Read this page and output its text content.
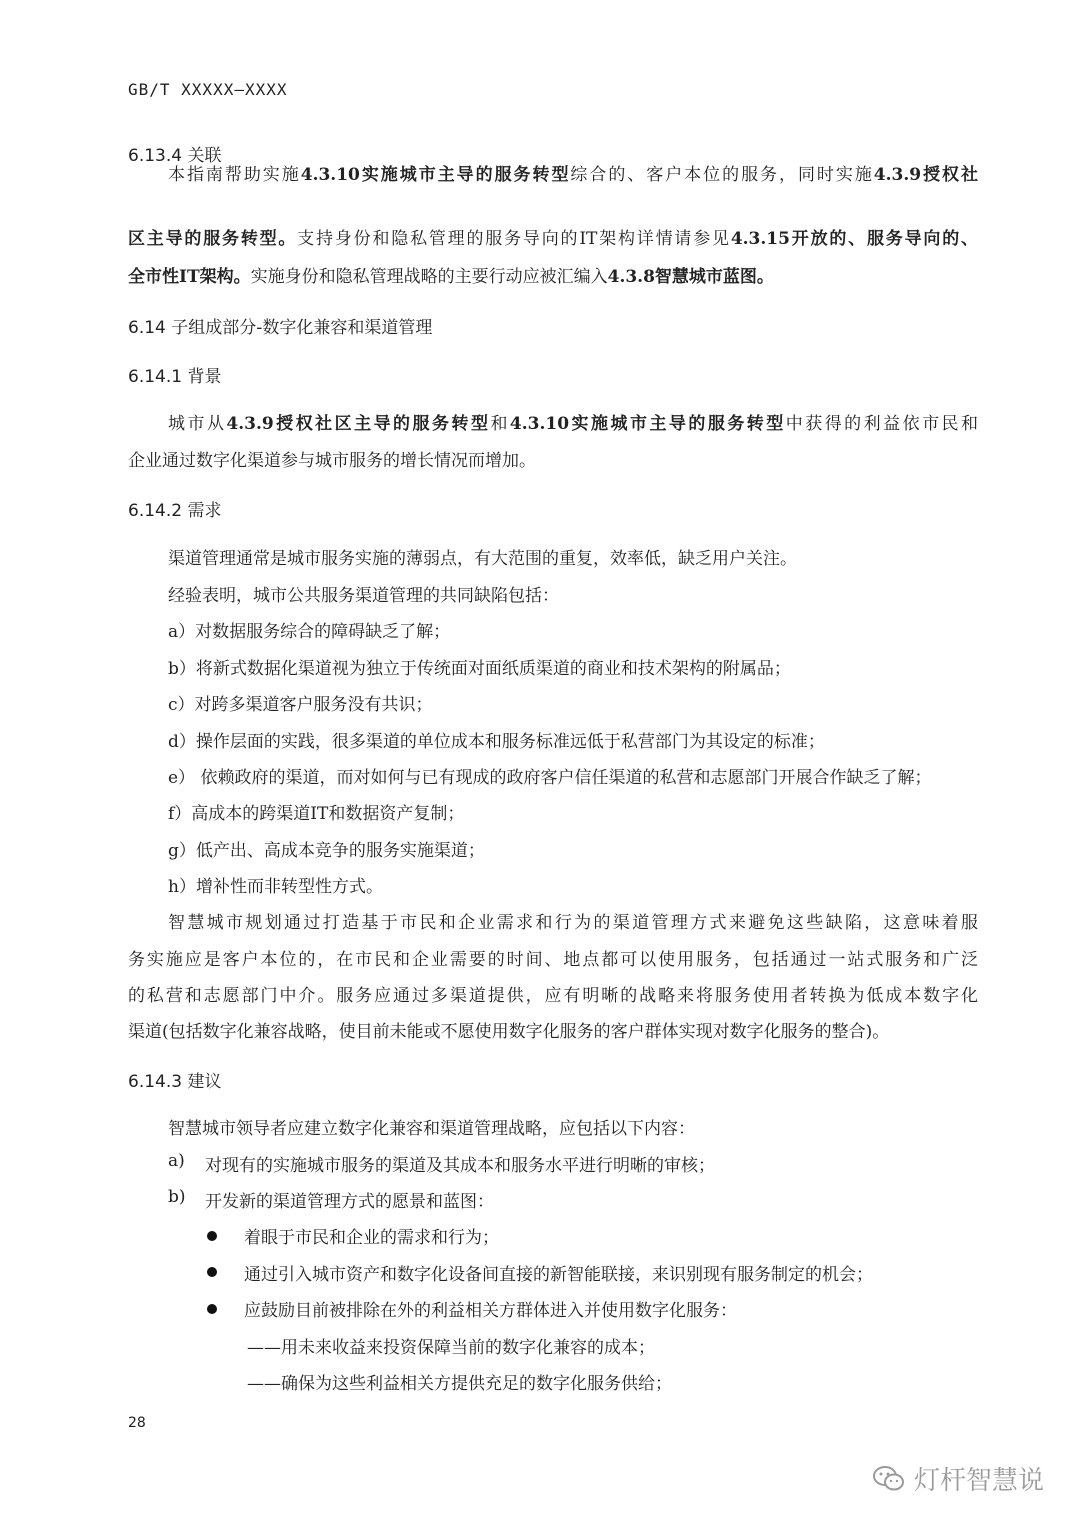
GB/T XXXXX—XXXX
6.13.4 关联
本指南帮助实施4.3.10实施城市主导的服务转型综合的、客户本位的服务，同时实施4.3.9授权社
区主导的服务转型。支持身份和隐私管理的服务导向的IT架构详情请参见4.3.15开放的、服务导向的、
全市性IT架构。实施身份和隐私管理战略的主要行动应被汇编入4.3.8智慧城市蓝图。
6.14 子组成部分-数字化兼容和渠道管理
6.14.1 背景
城市从4.3.9授权社区主导的服务转型和4.3.10实施城市主导的服务转型中获得的利益依市民和
企业通过数字化渠道参与城市服务的增长情况而增加。
6.14.2 需求
渠道管理通常是城市服务实施的薄弱点，有大范围的重复，效率低，缺乏用户关注。
经验表明，城市公共服务渠道管理的共同缺陷包括：
a）对数据服务综合的障碍缺乏了解；
b）将新式数据化渠道视为独立于传统面对面纸质渠道的商业和技术架构的附属品；
c）对跨多渠道客户服务没有共识；
d）操作层面的实践，很多渠道的单位成本和服务标准远低于私营部门为其设定的标准；
e） 依赖政府的渠道，而对如何与已有现成的政府客户信任渠道的私营和志愿部门开展合作缺乏了解；
f）高成本的跨渠道IT和数据资产复制；
g）低产出、高成本竞争的服务实施渠道；
h）增补性而非转型性方式。
智慧城市规划通过打造基于市民和企业需求和行为的渠道管理方式来避免这些缺陷，这意味着服
务实施应是客户本位的，在市民和企业需要的时间、地点都可以使用服务，包括通过一站式服务和广泛
的私营和志愿部门中介。服务应通过多渠道提供，应有明晰的战略来将服务使用者转换为低成本数字化
渠道(包括数字化兼容战略，使目前未能或不愿使用数字化服务的客户群体实现对数字化服务的整合)。
6.14.3 建议
智慧城市领导者应建立数字化兼容和渠道管理战略，应包括以下内容：
a) 对现有的实施城市服务的渠道及其成本和服务水平进行明晰的审核；
b) 开发新的渠道管理方式的愿景和蓝图：
着眼于市民和企业的需求和行为；
通过引入城市资产和数字化设备间直接的新智能联接，来识别现有服务制定的机会；
应鼓励目前被排除在外的利益相关方群体进入并使用数字化服务：
——用未来收益来投资保障当前的数字化兼容的成本；
——确保为这些利益相关方提供充足的数字化服务供给；
28
灯杆智慧说
